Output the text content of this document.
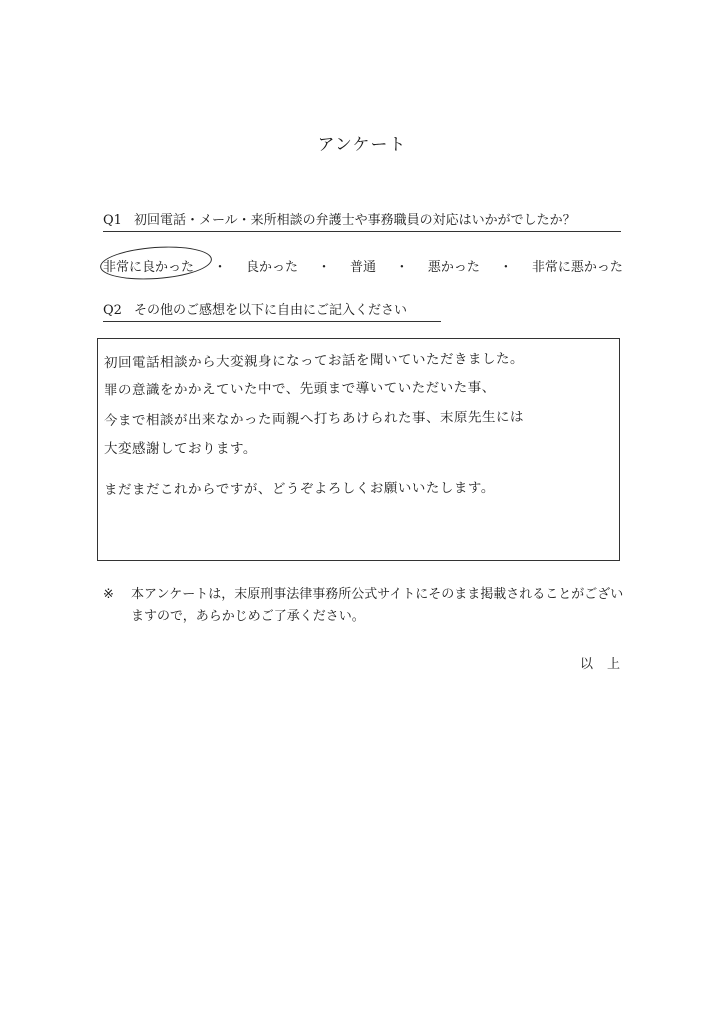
アンケート
Q1 初回電話・メール・来所相談の弁護士や事務職員の対応はいかがでしたか？
非常に良かった ・ 良かった ・ 普通 ・ 悪かった ・ 非常に悪かった
Q2 その他のご感想を以下に自由にご記入ください
初回電話相談から大変親身になってお話を聞いていただきました。
罪の意識をかかえていた中で、先頭まで導いていただいた事、
今まで相談が出来なかった両親へ打ちあけられた事、末原先生には
大変感謝しております。
まだまだこれからですが、どうぞよろしくお願いいたします。
※	本アンケートは，末原刑事法律事務所公式サイトにそのまま掲載されることがございますので，あらかじめご了承ください。
以上
